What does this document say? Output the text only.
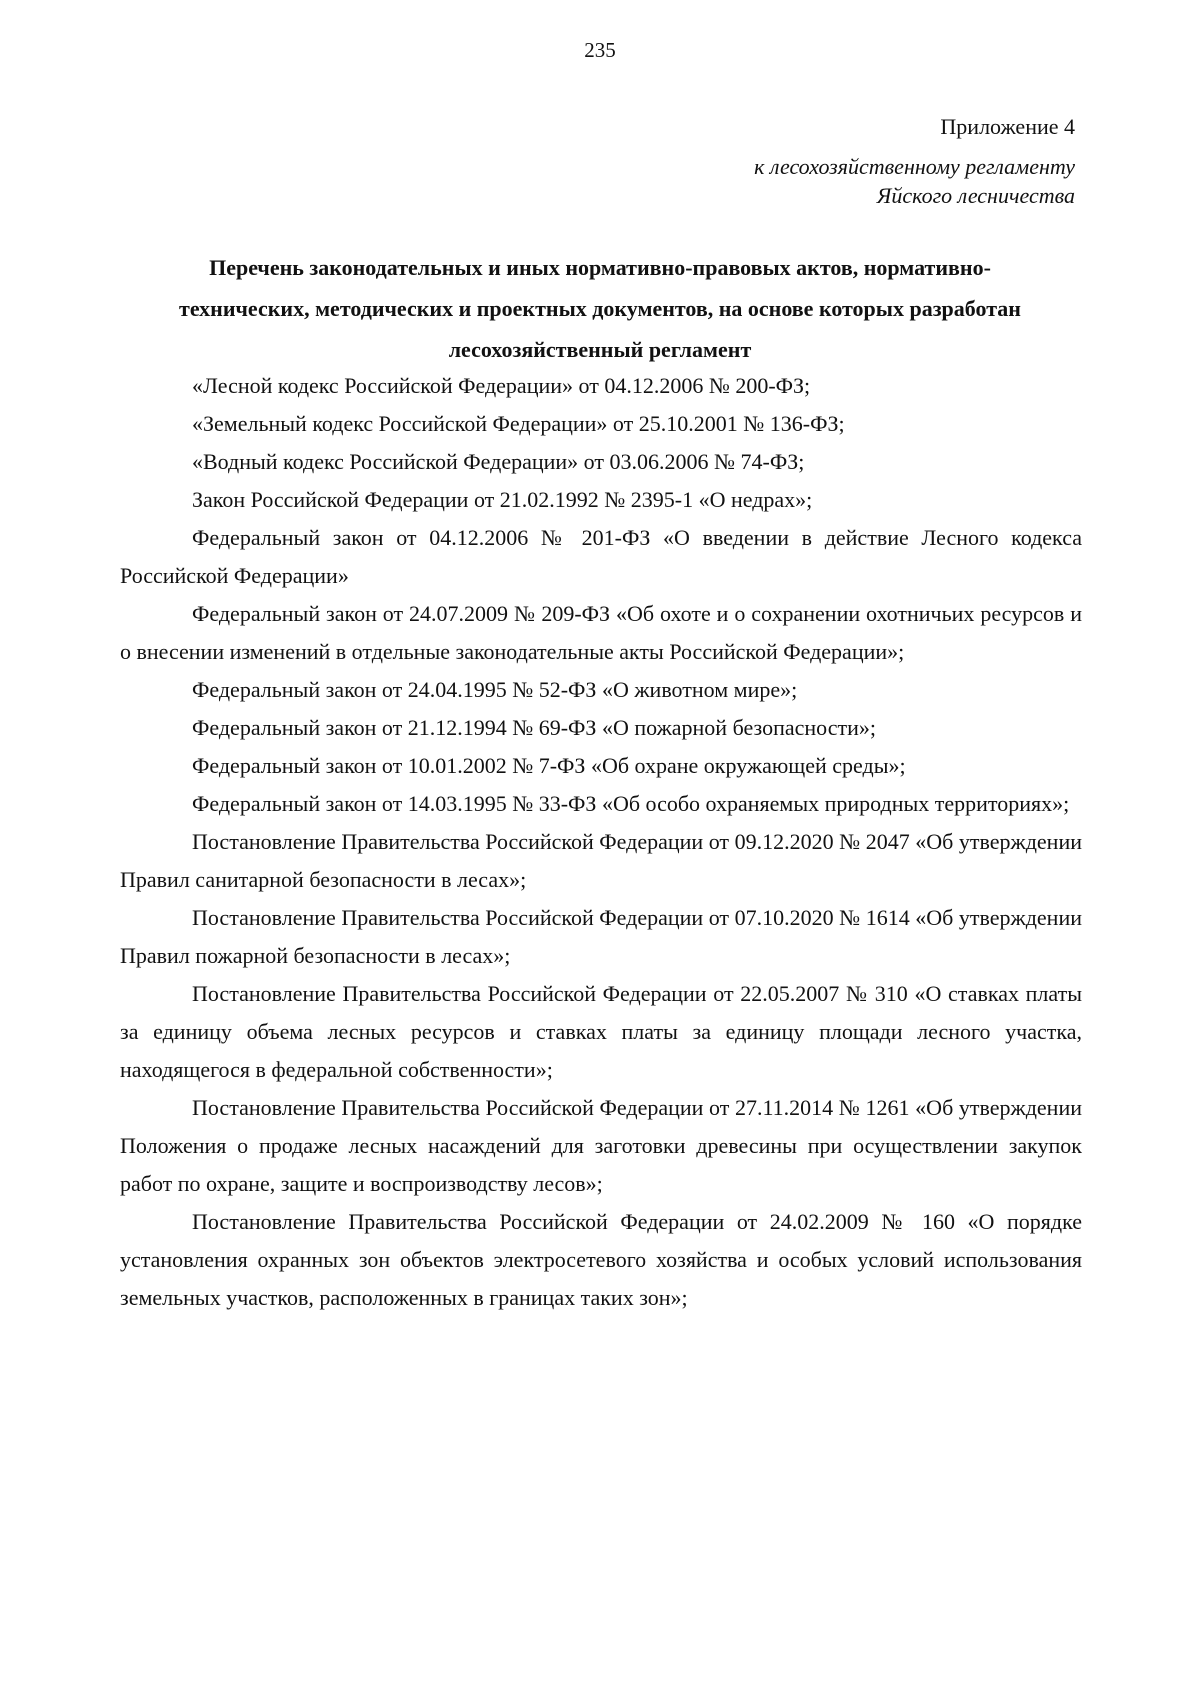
235
Приложение 4
к лесохозяйственному регламенту
Яйского лесничества
Перечень законодательных и иных нормативно-правовых актов, нормативно-
технических, методических и проектных документов, на основе которых разработан
лесохозяйственный регламент

«Лесной кодекс Российской Федерации» от 04.12.2006 № 200-ФЗ;

«Земельный кодекс Российской Федерации» от 25.10.2001 № 136-ФЗ;

«Водный кодекс Российской Федерации» от 03.06.2006 № 74-ФЗ;

Закон Российской Федерации от 21.02.1992 № 2395-1 «О недрах»;

Федеральный закон от 04.12.2006 № 201-ФЗ «О введении в действие Лесного кодекса Российской Федерации»

Федеральный закон от 24.07.2009 № 209-ФЗ «Об охоте и о сохранении охотничьих ресурсов и о внесении изменений в отдельные законодательные акты Российской Федерации»;

Федеральный закон от 24.04.1995 № 52-ФЗ «О животном мире»;

Федеральный закон от 21.12.1994 № 69-ФЗ «О пожарной безопасности»;

Федеральный закон от 10.01.2002 № 7-ФЗ «Об охране окружающей среды»;

Федеральный закон от 14.03.1995 № 33-ФЗ «Об особо охраняемых природных территориях»;

Постановление Правительства Российской Федерации от 09.12.2020 № 2047 «Об утверждении Правил санитарной безопасности в лесах»;

Постановление Правительства Российской Федерации от 07.10.2020 № 1614 «Об утверждении Правил пожарной безопасности в лесах»;

Постановление Правительства Российской Федерации от 22.05.2007 № 310 «О ставках платы за единицу объема лесных ресурсов и ставках платы за единицу площади лесного участка, находящегося в федеральной собственности»;

Постановление Правительства Российской Федерации от 27.11.2014 № 1261 «Об утверждении Положения о продаже лесных насаждений для заготовки древесины при осуществлении закупок работ по охране, защите и воспроизводству лесов»;

Постановление Правительства Российской Федерации от 24.02.2009 № 160 «О порядке установления охранных зон объектов электросетевого хозяйства и особых условий использования земельных участков, расположенных в границах таких зон»;
